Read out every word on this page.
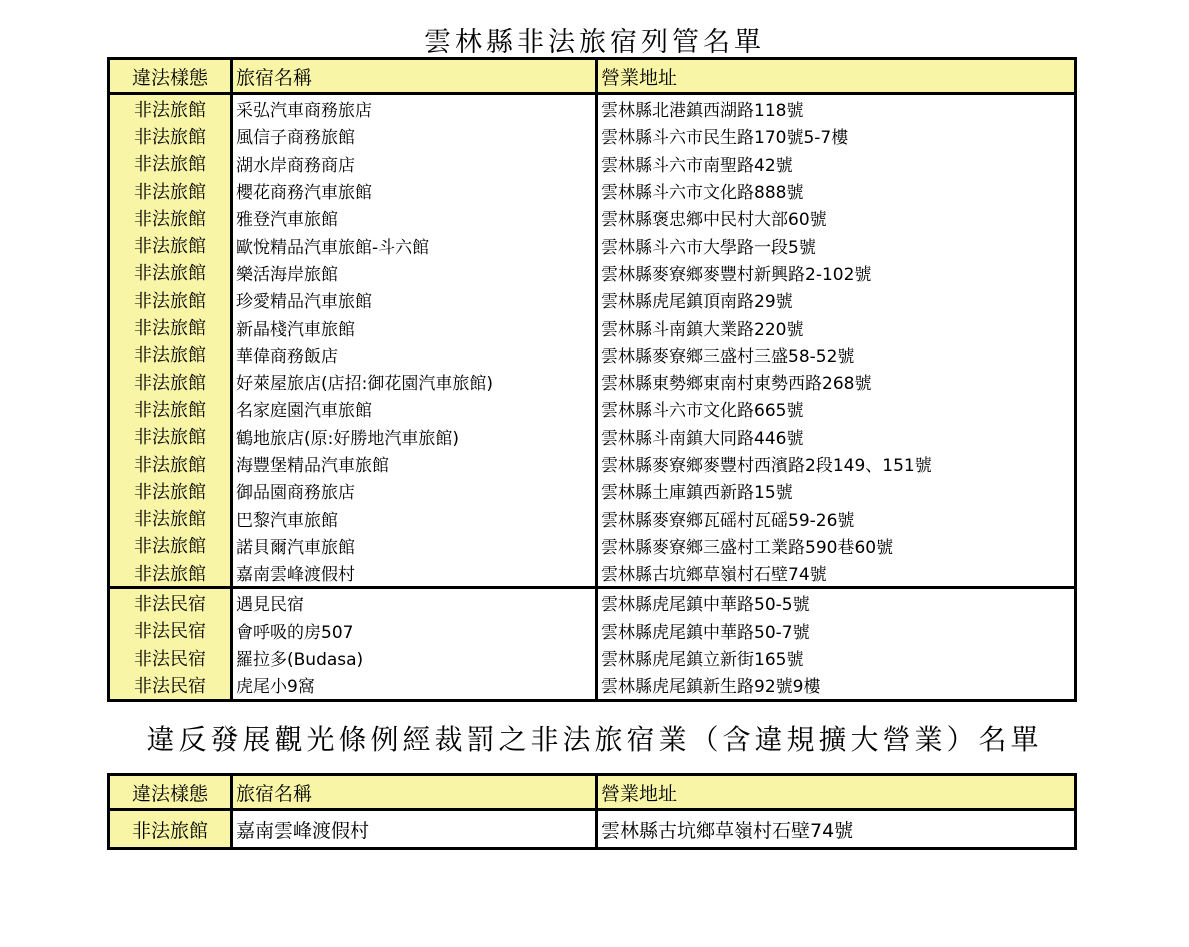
雲林縣非法旅宿列管名單
違法樣態	旅宿名稱	營業地址
非法旅館	采弘汽車商務旅店	雲林縣北港鎮西湖路118號
非法旅館	風信子商務旅館	雲林縣斗六市民生路170號5-7樓
非法旅館	湖水岸商務商店	雲林縣斗六市南聖路42號
非法旅館	櫻花商務汽車旅館	雲林縣斗六市文化路888號
非法旅館	雅登汽車旅館	雲林縣褒忠鄉中民村大部60號
非法旅館	歐悅精品汽車旅館-斗六館	雲林縣斗六市大學路一段5號
非法旅館	樂活海岸旅館	雲林縣麥寮鄉麥豐村新興路2-102號
非法旅館	珍愛精品汽車旅館	雲林縣虎尾鎮頂南路29號
非法旅館	新晶棧汽車旅館	雲林縣斗南鎮大業路220號
非法旅館	華偉商務飯店	雲林縣麥寮鄉三盛村三盛58-52號
非法旅館	好萊屋旅店(店招:御花園汽車旅館)	雲林縣東勢鄉東南村東勢西路268號
非法旅館	名家庭園汽車旅館	雲林縣斗六市文化路665號
非法旅館	鶴地旅店(原:好勝地汽車旅館)	雲林縣斗南鎮大同路446號
非法旅館	海豐堡精品汽車旅館	雲林縣麥寮鄉麥豐村西濱路2段149、151號
非法旅館	御品園商務旅店	雲林縣土庫鎮西新路15號
非法旅館	巴黎汽車旅館	雲林縣麥寮鄉瓦磘村瓦磘59-26號
非法旅館	諾貝爾汽車旅館	雲林縣麥寮鄉三盛村工業路590巷60號
非法旅館	嘉南雲峰渡假村	雲林縣古坑鄉草嶺村石壁74號
非法民宿	遇見民宿	雲林縣虎尾鎮中華路50-5號
非法民宿	會呼吸的房507	雲林縣虎尾鎮中華路50-7號
非法民宿	羅拉多(Budasa)	雲林縣虎尾鎮立新街165號
非法民宿	虎尾小9窩	雲林縣虎尾鎮新生路92號9樓
違反發展觀光條例經裁罰之非法旅宿業（含違規擴大營業）名單
違法樣態	旅宿名稱	營業地址
非法旅館	嘉南雲峰渡假村	雲林縣古坑鄉草嶺村石壁74號
